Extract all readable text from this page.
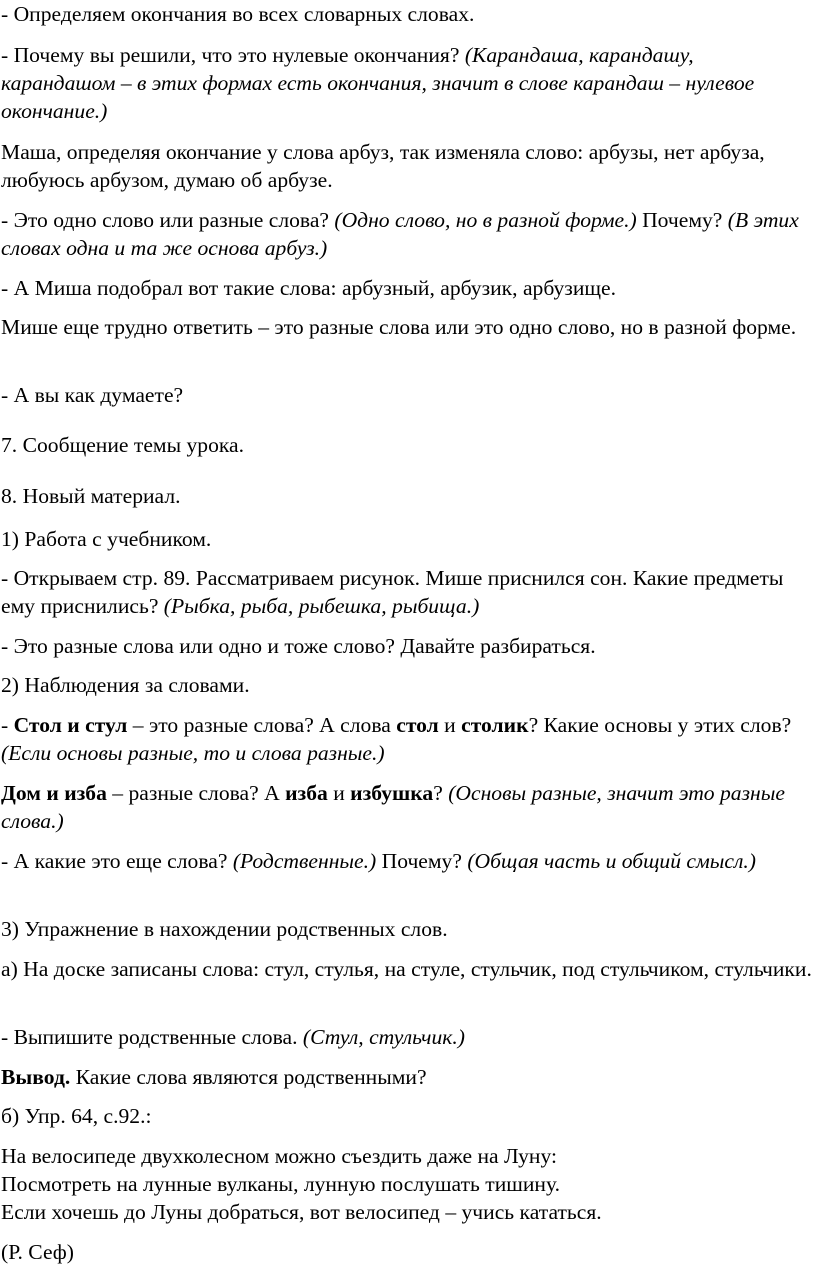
- Определяем окончания во всех словарных словах.

- Почему вы решили, что это нулевые окончания? (Карандаша, карандашу, карандашом – в этих формах есть окончания, значит в слове карандаш – нулевое окончание.)

Маша, определяя окончание у слова арбуз, так изменяла слово: арбузы, нет арбуза, любуюсь арбузом, думаю об арбузе.

- Это одно слово или разные слова? (Одно слово, но в разной форме.) Почему? (В этих словах одна и та же основа арбуз.)

- А Миша подобрал вот такие слова: арбузный, арбузик, арбузище.

Мише еще трудно ответить – это разные слова или это одно слово, но в разной форме.

- А вы как думаете?

7. Сообщение темы урока.

8. Новый материал.

1) Работа с учебником.

- Открываем стр. 89. Рассматриваем рисунок. Мише приснился сон. Какие предметы ему приснились? (Рыбка, рыба, рыбешка, рыбища.)

- Это разные слова или одно и тоже слово? Давайте разбираться.

2) Наблюдения за словами.

- Стол и стул – это разные слова? А слова стол и столик? Какие основы у этих слов? (Если основы разные, то и слова разные.)

Дом и изба – разные слова? А изба и избушка? (Основы разные, значит это разные слова.)

- А какие это еще слова? (Родственные.) Почему? (Общая часть и общий смысл.)

3) Упражнение в нахождении родственных слов.

а) На доске записаны слова: стул, стулья, на стуле, стульчик, под стульчиком, стульчики.

- Выпишите родственные слова. (Стул, стульчик.)

Вывод. Какие слова являются родственными?

б) Упр. 64, с.92.:

На велосипеде двухколесном можно съездить даже на Луну:
Посмотреть на лунные вулканы, лунную послушать тишину.
Если хочешь до Луны добраться, вот велосипед – учись кататься.

(Р. Сеф)
